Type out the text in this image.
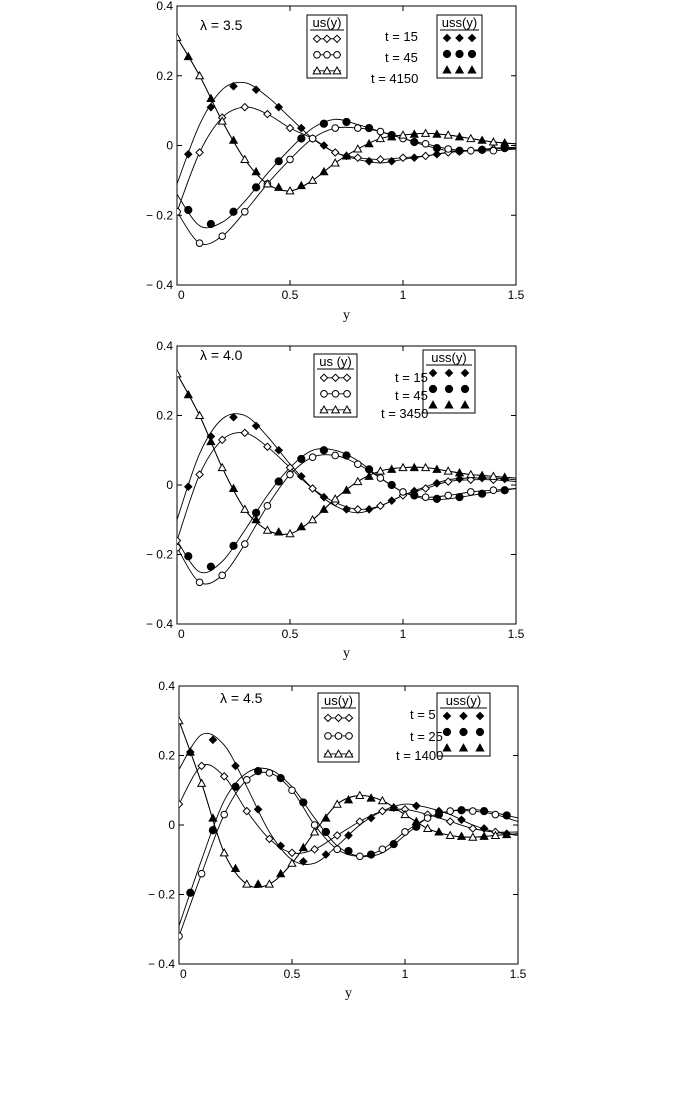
0.4
0.2
0
− 0.2
− 0.4
0	0.5	1	1.5
y
λ = 3.5	us(y)	uss(y)
t = 15
t = 45
t = 4150
0.4
0.2
0
− 0.2
− 0.4
0	0.5	1	1.5
y
λ = 4.0	us (y)	uss(y)
t = 15
t = 45
t = 3450
0.4
0.2
0
− 0.2
− 0.4
0	0.5	1	1.5
y
λ = 4.5	us(y)	uss(y)
t = 5
t = 25
t = 1400
